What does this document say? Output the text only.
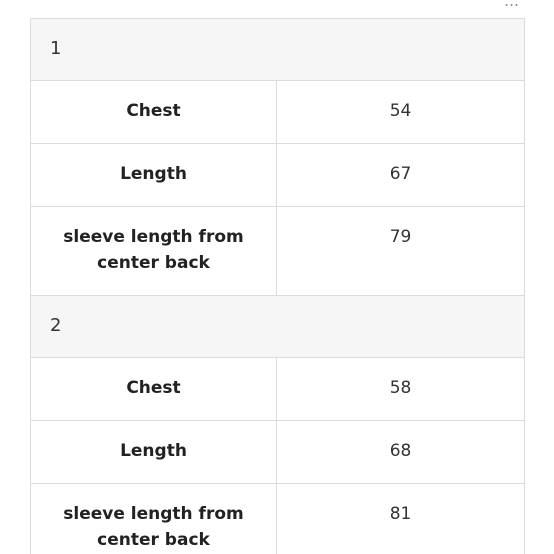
…
1	
Chest	54
Length	67
sleeve length from center back	79
2	
Chest	58
Length	68
sleeve length from center back	81
